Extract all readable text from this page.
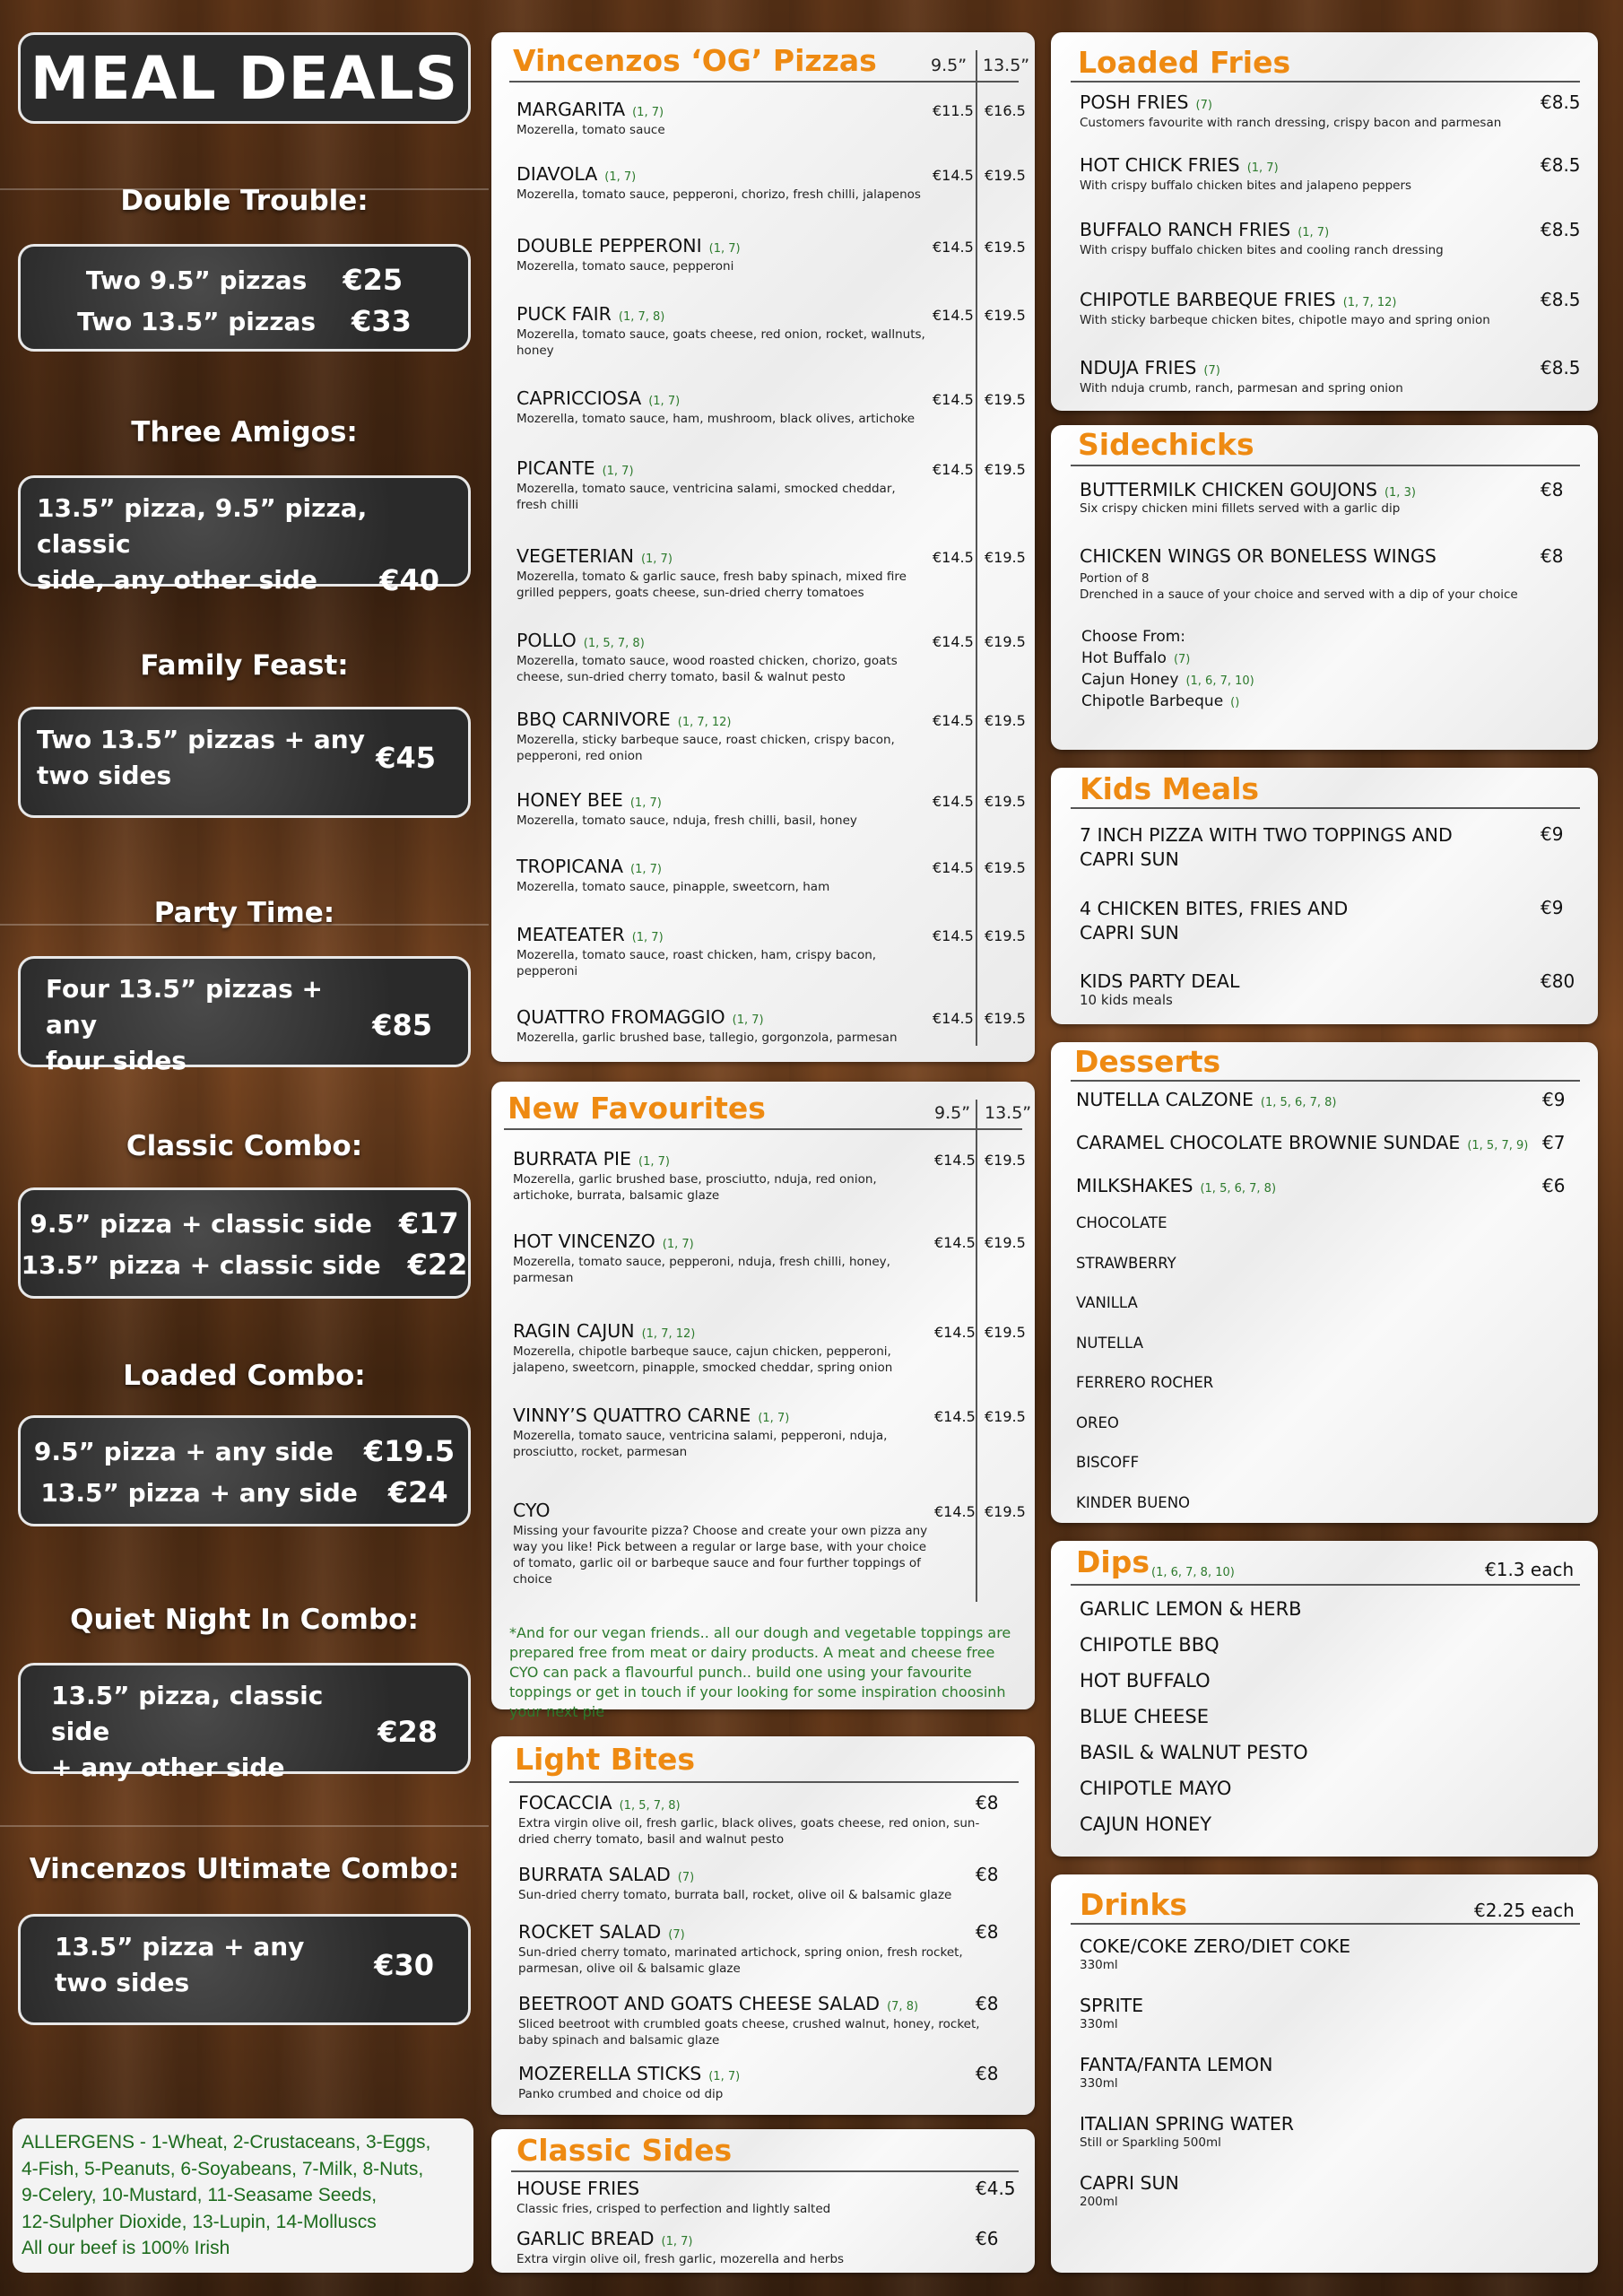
MEAL DEALS
Double Trouble:
Two 9.5” pizzas €25
Two 13.5” pizzas €33
Three Amigos:
13.5” pizza, 9.5” pizza, classic
side, any other side €40
Family Feast:
Two 13.5” pizzas + any
two sides
€45
Party Time:
Four 13.5” pizzas + any
four sides
€85
Classic Combo:
9.5” pizza + classic side €17
13.5” pizza + classic side €22
Loaded Combo:
9.5” pizza + any side €19.5
13.5” pizza + any side €24
Quiet Night In Combo:
13.5” pizza, classic side
+ any other side
€28
Vincenzos Ultimate Combo:
13.5” pizza + any
two sides
€30
ALLERGENS - 1-Wheat, 2-Crustaceans, 3-Eggs,
4-Fish, 5-Peanuts, 6-Soyabeans, 7-Milk, 8-Nuts,
9-Celery, 10-Mustard, 11-Seasame Seeds,
12-Sulpher Dioxide, 13-Lupin, 14-Molluscs
All our beef is 100% Irish
Vincenzos ‘OG’ Pizzas	9.5” 13.5”
MARGARITA (1, 7)
Mozerella, tomato sauce
€11.5 €16.5
DIAVOLA (1, 7)
Mozerella, tomato sauce, pepperoni, chorizo, fresh chilli, jalapenos
€14.5 €19.5
DOUBLE PEPPERONI (1, 7)
Mozerella, tomato sauce, pepperoni
€14.5 €19.5
PUCK FAIR (1, 7, 8)
Mozerella, tomato sauce, goats cheese, red onion, rocket, wallnuts, honey
€14.5 €19.5
CAPRICCIOSA (1, 7)
Mozerella, tomato sauce, ham, mushroom, black olives, artichoke
€14.5 €19.5
PICANTE (1, 7)
Mozerella, tomato sauce, ventricina salami, smocked cheddar, fresh chilli
€14.5 €19.5
VEGETERIAN (1, 7)
Mozerella, tomato & garlic sauce, fresh baby spinach, mixed fire grilled peppers, goats cheese, sun-dried cherry tomatoes
€14.5 €19.5
POLLO (1, 5, 7, 8)
Mozerella, tomato sauce, wood roasted chicken, chorizo, goats cheese, sun-dried cherry tomato, basil & walnut pesto
€14.5 €19.5
BBQ CARNIVORE (1, 7, 12)
Mozerella, sticky barbeque sauce, roast chicken, crispy bacon, pepperoni, red onion
€14.5 €19.5
HONEY BEE (1, 7)
Mozerella, tomato sauce, nduja, fresh chilli, basil, honey
€14.5 €19.5
TROPICANA (1, 7)
Mozerella, tomato sauce, pinapple, sweetcorn, ham
€14.5 €19.5
MEATEATER (1, 7)
Mozerella, tomato sauce, roast chicken, ham, crispy bacon, pepperoni
€14.5 €19.5
QUATTRO FROMAGGIO (1, 7)
Mozerella, garlic brushed base, tallegio, gorgonzola, parmesan
€14.5 €19.5
New Favourites	9.5” 13.5”
BURRATA PIE (1, 7)
Mozerella, garlic brushed base, prosciutto, nduja, red onion, artichoke, burrata, balsamic glaze
€14.5 €19.5
HOT VINCENZO (1, 7)
Mozerella, tomato sauce, pepperoni, nduja, fresh chilli, honey, parmesan
€14.5 €19.5
RAGIN CAJUN (1, 7, 12)
Mozerella, chipotle barbeque sauce, cajun chicken, pepperoni, jalapeno, sweetcorn, pinapple, smocked cheddar, spring onion
€14.5 €19.5
VINNY’S QUATTRO CARNE (1, 7)
Mozerella, tomato sauce, ventricina salami, pepperoni, nduja, prosciutto, rocket, parmesan
€14.5 €19.5
CYO
Missing your favourite pizza? Choose and create your own pizza any way you like! Pick between a regular or large base, with your choice of tomato, garlic oil or barbeque sauce and four further toppings of choice
€14.5 €19.5
*And for our vegan friends.. all our dough and vegetable toppings are prepared free from meat or dairy products. A meat and cheese free CYO can pack a flavourful punch.. build one using your favourite toppings or get in touch if your looking for some inspiration choosinh your next pie
Light Bites
FOCACCIA (1, 5, 7, 8)
Extra virgin olive oil, fresh garlic, black olives, goats cheese, red onion, sun-dried cherry tomato, basil and walnut pesto
€8
BURRATA SALAD (7)
Sun-dried cherry tomato, burrata ball, rocket, olive oil & balsamic glaze
€8
ROCKET SALAD (7)
Sun-dried cherry tomato, marinated artichock, spring onion, fresh rocket, parmesan, olive oil & balsamic glaze
€8
BEETROOT AND GOATS CHEESE SALAD (7, 8)
Sliced beetroot with crumbled goats cheese, crushed walnut, honey, rocket, baby spinach and balsamic glaze
€8
MOZERELLA STICKS (1, 7)
Panko crumbed and choice od dip
€8
Classic Sides
HOUSE FRIES
Classic fries, crisped to perfection and lightly salted
€4.5
GARLIC BREAD (1, 7)
Extra virgin olive oil, fresh garlic, mozerella and herbs
€6
Loaded Fries
POSH FRIES (7)
Customers favourite with ranch dressing, crispy bacon and parmesan
€8.5
HOT CHICK FRIES (1, 7)
With crispy buffalo chicken bites and jalapeno peppers
€8.5
BUFFALO RANCH FRIES (1, 7)
With crispy buffalo chicken bites and cooling ranch dressing
€8.5
CHIPOTLE BARBEQUE FRIES (1, 7, 12)
With sticky barbeque chicken bites, chipotle mayo and spring onion
€8.5
NDUJA FRIES (7)
With nduja crumb, ranch, parmesan and spring onion
€8.5
Sidechicks
BUTTERMILK CHICKEN GOUJONS (1, 3)
Six crispy chicken mini fillets served with a garlic dip
€8
CHICKEN WINGS OR BONELESS WINGS
Portion of 8
Drenched in a sauce of your choice and served with a dip of your choice
€8
Choose From:
Hot Buffalo (7)
Cajun Honey (1, 6, 7, 10)
Chipotle Barbeque ()
Kids Meals
7 INCH PIZZA WITH TWO TOPPINGS AND
CAPRI SUN
€9
4 CHICKEN BITES, FRIES AND
CAPRI SUN
€9
KIDS PARTY DEAL
10 kids meals
€80
Desserts
NUTELLA CALZONE (1, 5, 6, 7, 8)	€9
CARAMEL CHOCOLATE BROWNIE SUNDAE (1, 5, 7, 9) €7
MILKSHAKES (1, 5, 6, 7, 8)	€6
CHOCOLATE
STRAWBERRY
VANILLA
NUTELLA
FERRERO ROCHER
OREO
BISCOFF
KINDER BUENO
Dips (1, 6, 7, 8, 10)	€1.3 each
GARLIC LEMON & HERB
CHIPOTLE BBQ
HOT BUFFALO
BLUE CHEESE
BASIL & WALNUT PESTO
CHIPOTLE MAYO
CAJUN HONEY
Drinks	€2.25 each
COKE/COKE ZERO/DIET COKE
330ml
SPRITE
330ml
FANTA/FANTA LEMON
330ml
ITALIAN SPRING WATER
Still or Sparkling 500ml
CAPRI SUN
200ml
